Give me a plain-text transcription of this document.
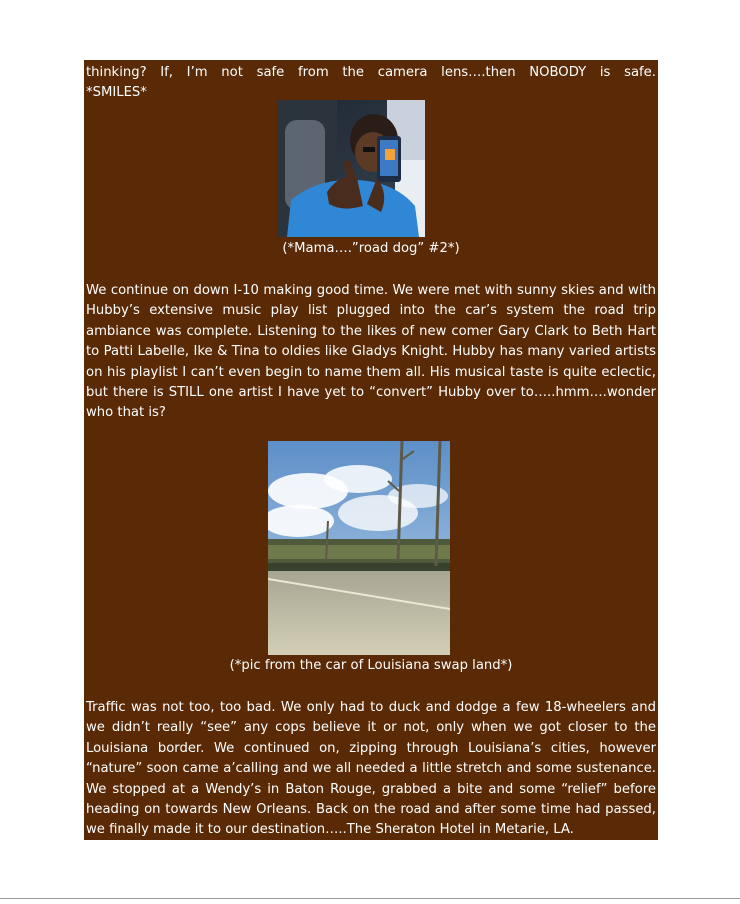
thinking? If, I’m not safe from the camera lens….then NOBODY is safe.

*SMILES*

(*Mama….”road dog” #2*)

We continue on down I-10 making good time. We were met with sunny skies and with Hubby’s extensive music play list plugged into the car’s system the road trip ambiance was complete. Listening to the likes of new comer Gary Clark to Beth Hart to Patti Labelle, Ike & Tina to oldies like Gladys Knight. Hubby has many varied artists on his playlist I can’t even begin to name them all. His musical taste is quite eclectic, but there is STILL one artist I have yet to “convert” Hubby over to…..hmm….wonder who that is?

(*pic from the car of Louisiana swap land*)

Traffic was not too, too bad. We only had to duck and dodge a few 18-wheelers and we didn’t really “see” any cops believe it or not, only when we got closer to the Louisiana border. We continued on, zipping through Louisiana’s cities, however “nature” soon came a’calling and we all needed a little stretch and some sustenance. We stopped at a Wendy’s in Baton Rouge, grabbed a bite and some “relief” before heading on towards New Orleans. Back on the road and after some time had passed, we finally made it to our destination…..The Sheraton Hotel in Metarie, LA.
